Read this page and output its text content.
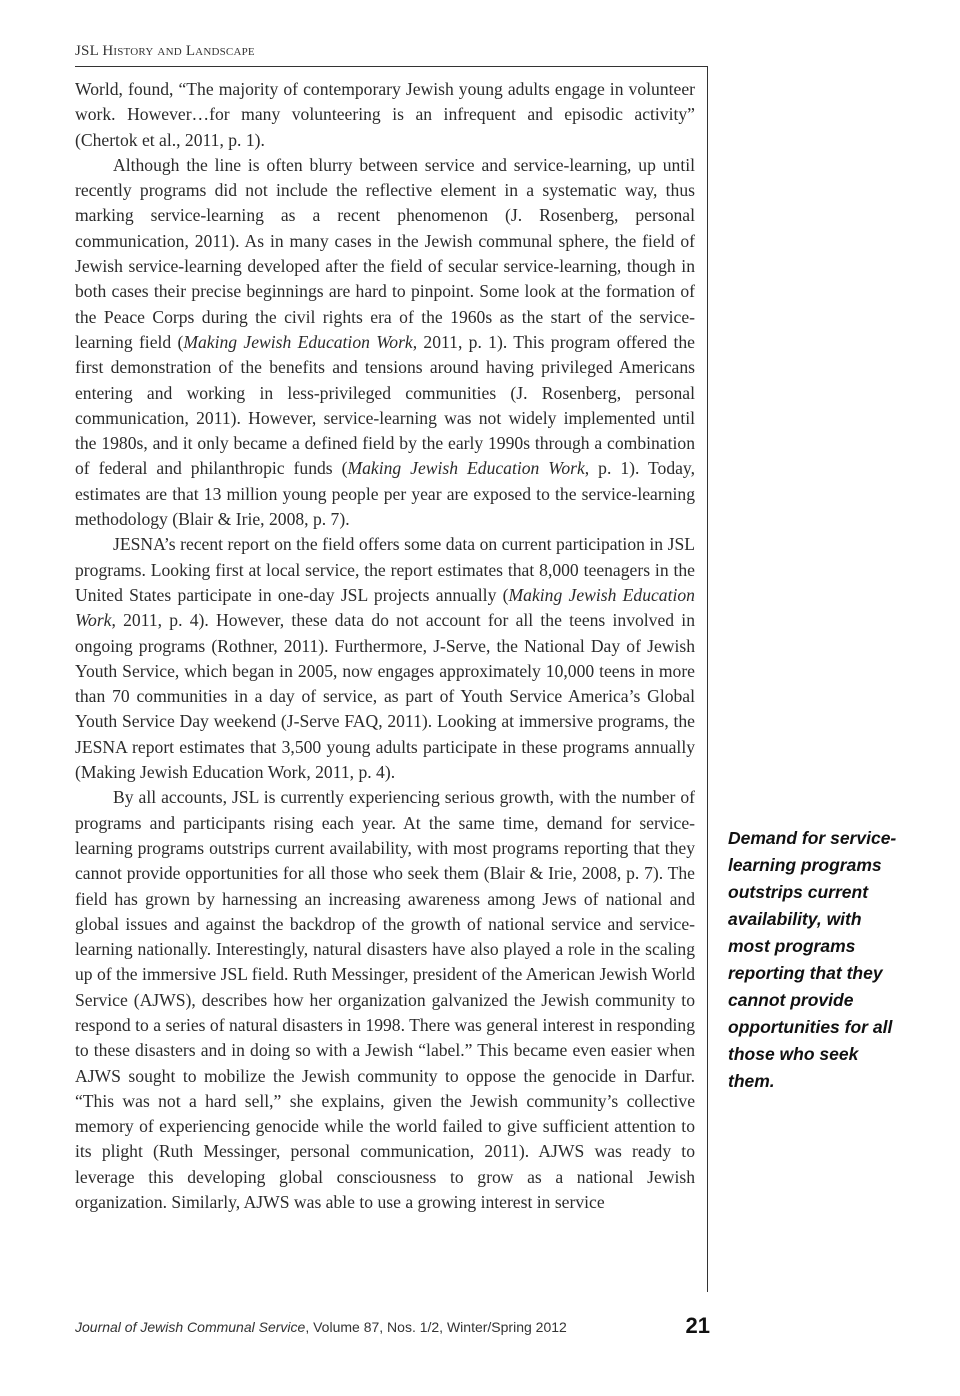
JSL History and Landscape

World, found, “The majority of contemporary Jewish young adults engage in volunteer work. However…for many volunteering is an infrequent and episodic activity” (Chertok et al., 2011, p. 1).

Although the line is often blurry between service and service-learning, up until recently programs did not include the reflective element in a systematic way, thus marking service-learning as a recent phenomenon (J. Rosenberg, personal communication, 2011). As in many cases in the Jewish communal sphere, the field of Jewish service-learning developed after the field of secular service-learning, though in both cases their precise beginnings are hard to pinpoint. Some look at the formation of the Peace Corps during the civil rights era of the 1960s as the start of the service-learning field (Making Jewish Education Work, 2011, p. 1). This program offered the first demonstration of the benefits and tensions around having privileged Americans entering and working in less-privileged communities (J. Rosenberg, personal communication, 2011). However, service-learning was not widely implemented until the 1980s, and it only became a defined field by the early 1990s through a combination of federal and philanthropic funds (Making Jewish Education Work, p. 1). Today, estimates are that 13 million young people per year are exposed to the service-learning methodology (Blair & Irie, 2008, p. 7).

JESNA’s recent report on the field offers some data on current participation in JSL programs. Looking first at local service, the report estimates that 8,000 teenagers in the United States participate in one-day JSL projects annually (Making Jewish Education Work, 2011, p. 4). However, these data do not account for all the teens involved in ongoing programs (Rothner, 2011). Furthermore, J-Serve, the National Day of Jewish Youth Service, which began in 2005, now engages approximately 10,000 teens in more than 70 communities in a day of service, as part of Youth Service America’s Global Youth Service Day weekend (J-Serve FAQ, 2011). Looking at immersive programs, the JESNA report estimates that 3,500 young adults participate in these programs annually (Making Jewish Education Work, 2011, p. 4).

By all accounts, JSL is currently experiencing serious growth, with the number of programs and participants rising each year. At the same time, demand for service-learning programs outstrips current availability, with most programs reporting that they cannot provide opportunities for all those who seek them (Blair & Irie, 2008, p. 7). The field has grown by harnessing an increasing awareness among Jews of national and global issues and against the backdrop of the growth of national service and service-learning nationally. Interestingly, natural disasters have also played a role in the scaling up of the immersive JSL field. Ruth Messinger, president of the American Jewish World Service (AJWS), describes how her organization galvanized the Jewish community to respond to a series of natural disasters in 1998. There was general interest in responding to these disasters and in doing so with a Jewish “label.” This became even easier when AJWS sought to mobilize the Jewish community to oppose the genocide in Darfur. “This was not a hard sell,” she explains, given the Jewish community’s collective memory of experiencing genocide while the world failed to give sufficient attention to its plight (Ruth Messinger, personal communication, 2011). AJWS was ready to leverage this developing global consciousness to grow as a national Jewish organization. Similarly, AJWS was able to use a growing interest in service

Demand for service-learning programs outstrips current availability, with most programs reporting that they cannot provide opportunities for all those who seek them.
Journal of Jewish Communal Service, Volume 87, Nos. 1/2, Winter/Spring 2012	21
